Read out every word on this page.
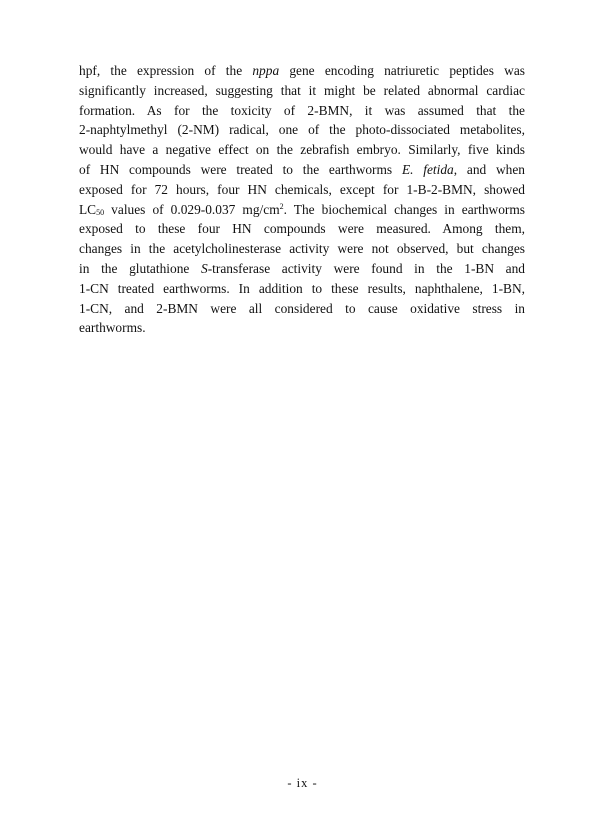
hpf, the expression of the nppa gene encoding natriuretic peptides was
significantly increased, suggesting that it might be related abnormal cardiac
formation. As for the toxicity of 2-BMN, it was assumed that the
2-naphtylmethyl (2-NM) radical, one of the photo-dissociated metabolites,
would have a negative effect on the zebrafish embryo. Similarly, five kinds
of HN compounds were treated to the earthworms E. fetida, and when
exposed for 72 hours, four HN chemicals, except for 1-B-2-BMN, showed
$LC_{50}$ values of 0.029-0.037 $mg/cm^2$. The biochemical changes in earthworms
exposed to these four HN compounds were measured. Among them,
changes in the acetylcholinesterase activity were not observed, but changes
in the glutathione S-transferase activity were found in the 1-BN and
1-CN treated earthworms. In addition to these results, naphthalene, 1-BN,
1-CN, and 2-BMN were all considered to cause oxidative stress in
earthworms.
- ix -
